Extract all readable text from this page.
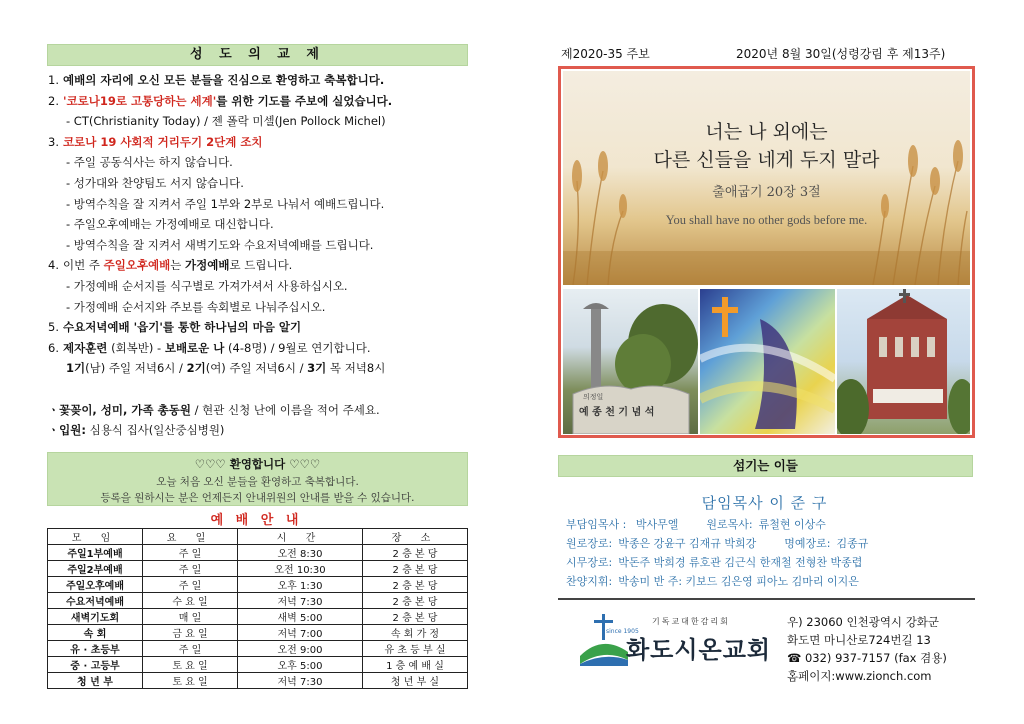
성 도 의 교 제
1. 예배의 자리에 오신 모든 분들을 진심으로 환영하고 축복합니다.
2. '코로나19로 고통당하는 세계'를 위한 기도를 주보에 실었습니다.
- CT(Christianity Today) / 젠 폴락 미셀(Jen Pollock Michel)
3. 코로나 19 사회적 거리두기 2단계 조치
- 주일 공동식사는 하지 않습니다.
- 성가대와 찬양팀도 서지 않습니다.
- 방역수칙을 잘 지켜서 주일 1부와 2부로 나눠서 예배드립니다.
- 주일오후예배는 가정예배로 대신합니다.
- 방역수칙을 잘 지켜서 새벽기도와 수요저녁예배를 드립니다.
4. 이번 주 주일오후예배는 가정예배로 드립니다.
- 가정예배 순서지를 식구별로 가져가셔서 사용하십시오.
- 가정예배 순서지와 주보를 속회별로 나눠주십시오.
5. 수요저녁예배 '읍기'를 통한 하나님의 마음 알기
6. 제자훈련 (회복반) - 보배로운 나 (4-8명) / 9월로 연기합니다.
1기(남) 주일 저녁6시 / 2기(여) 주일 저녁6시 / 3기 목 저녁8시
ㆍ꽃꽂이, 성미, 가족 총동원 / 현관 신청 난에 이름을 적어 주세요.
ㆍ입원: 심용식 집사(일산중심병원)
♡♡♡ 환영합니다 ♡♡♡
오늘 처음 오신 분들을 환영하고 축복합니다.
등록을 원하시는 분은 언제든지 안내위원의 안내를 받을 수 있습니다.
예 배 안 내
모 임	요 일	시 간	장 소
주일1부예배	주 일	오전 8:30	2 층 본 당
주일2부예배	주 일	오전 10:30	2 층 본 당
주일오후예배	주 일	오후 1:30	2 층 본 당
수요저녁예배	수 요 일	저녁 7:30	2 층 본 당
새벽기도회	매 일	새벽 5:00	2 층 본 당
속 회	금 요 일	저녁 7:00	속 회 가 정
유 · 초등부	주 일	오전 9:00	유 초 등 부 실
중 · 고등부	토 요 일	오후 5:00	1 층 예 배 실
청 년 부	토 요 일	저녁 7:30	청 년 부 실
제2020-35 주보	2020년 8월 30일(성령강림 후 제13주)
너는 나 외에는
다른 신들을 네게 두지 말라
출애굽기 20장 3절
You shall have no other gods before me.
의정일
예 종 천 기 념 석
섬기는 이들
담임목사 이 준 구
부담임목사 : 박사무엘	원로목사: 류철현 이상수
원로장로: 박종은 강윤구 김재규 박희강	명예장로: 김종규
시무장로: 박돈주 박희경 류호관 김근식 한재철 전형찬 박종렵
찬양지휘: 박송미 반 주: 키보드 김은영 피아노 김마리 이지은
since 1905
기독교대한감리회
화도시온교회
우) 23060 인천광역시 강화군
화도면 마니산로724번길 13
☎ 032) 937-7157 (fax 겸용)
홈페이지:www.zionch.com
